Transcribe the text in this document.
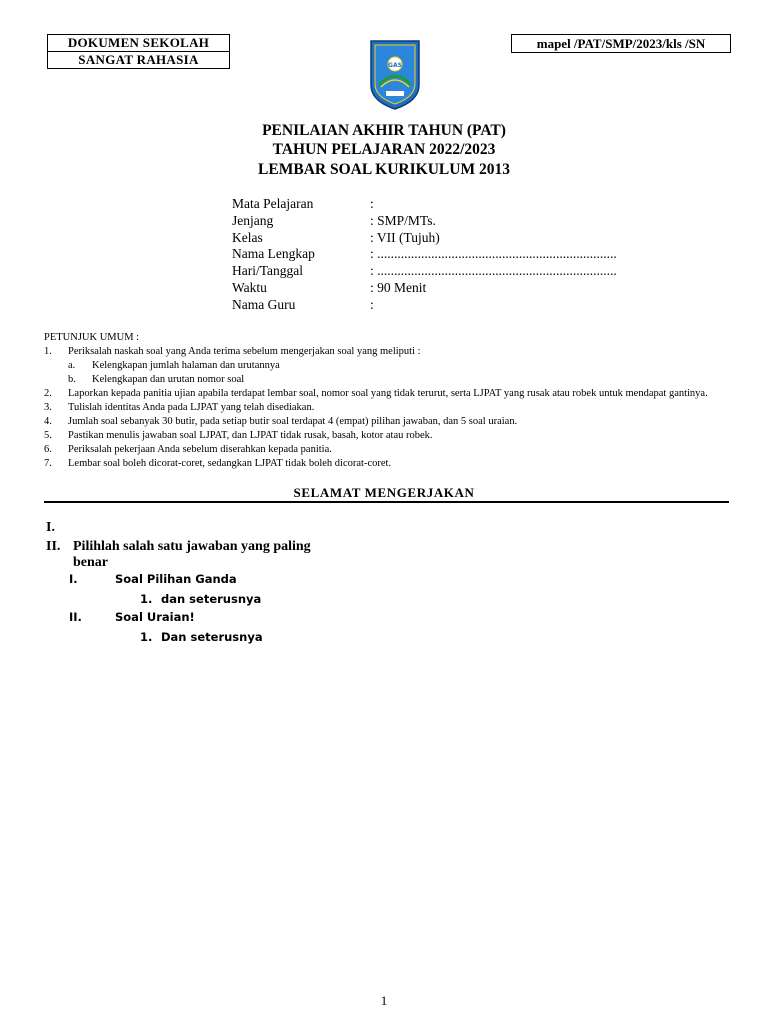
DOKUMEN SEKOLAH
SANGAT RAHASIA
mapel /PAT/SMP/2023/kls /SN
GAS
PENILAIAN AKHIR TAHUN (PAT)
TAHUN PELAJARAN 2022/2023
LEMBAR SOAL KURIKULUM 2013
Mata Pelajaran	:
Jenjang	: SMP/MTs.
Kelas	: VII (Tujuh)
Nama Lengkap	: .......................................................................
Hari/Tanggal	: .......................................................................
Waktu	: 90 Menit
Nama Guru	:
PETUNJUK UMUM :
1.	Periksalah naskah soal yang Anda terima sebelum mengerjakan soal yang meliputi :
a.	Kelengkapan jumlah halaman dan urutannya
b.	Kelengkapan dan urutan nomor soal
2.	Laporkan kepada panitia ujian apabila terdapat lembar soal, nomor soal yang tidak terurut, serta LJPAT yang rusak atau robek untuk mendapat gantinya.
3.	Tulislah identitas Anda pada LJPAT yang telah disediakan.
4.	Jumlah soal sebanyak 30 butir, pada setiap butir soal terdapat 4 (empat) pilihan jawaban, dan 5 soal uraian.
5.	Pastikan menulis jawaban soal LJPAT, dan LJPAT tidak rusak, basah, kotor atau robek.
6.	Periksalah pekerjaan Anda sebelum diserahkan kepada panitia.
7.	Lembar soal boleh dicorat-coret, sedangkan LJPAT tidak boleh dicorat-coret.
SELAMAT MENGERJAKAN
I.
II. Pilihlah salah satu jawaban yang paling
benar
I.	Soal Pilihan Ganda
1. dan seterusnya
II.	Soal Uraian!
1. Dan seterusnya
1
